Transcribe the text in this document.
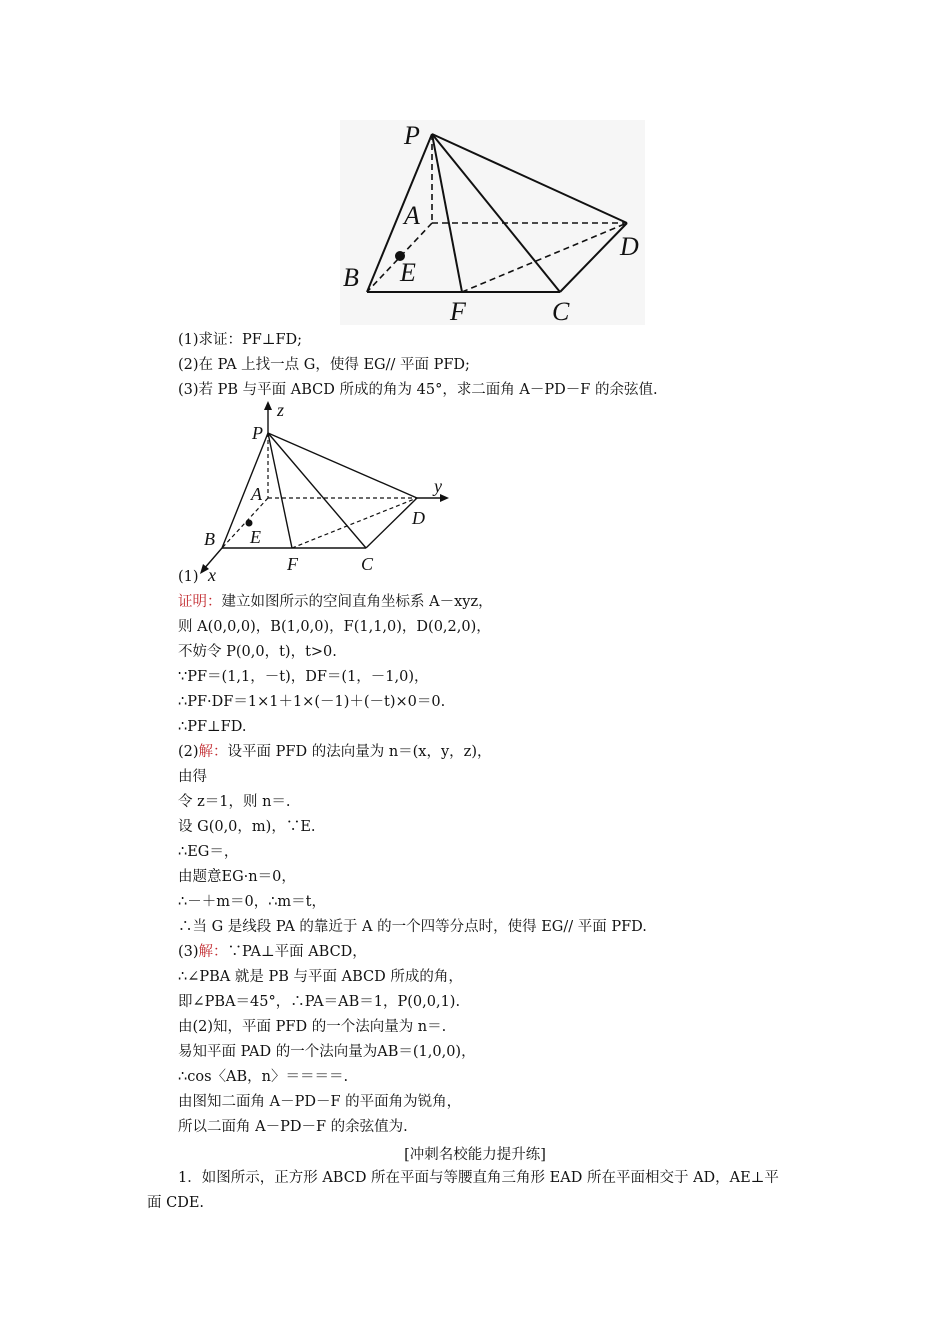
P
A
B E
F	C
D
(1)求证：PF⊥FD;
(2)在 PA 上找一点 G，使得 EG// 平面 PFD;
(3)若 PB 与平面 ABCD 所成的角为 45°，求二面角 A－PD－F 的余弦值.
z
P
y
A
D
E
B
F	C
x
(1)
证明：建立如图所示的空间直角坐标系 A－xyz，
则 A(0,0,0)，B(1,0,0)，F(1,1,0)，D(0,2,0)，
不妨令 P(0,0，t)，t>0.
∵PF＝(1,1，－t)，DF＝(1，－1,0)，
∴PF·DF＝1×1＋1×(－1)＋(－t)×0＝0.
∴PF⊥FD.
(2)解：设平面 PFD 的法向量为 n＝(x，y，z)，
由得
令 z＝1，则 n＝.
设 G(0,0，m)，∵E.
∴EG＝，
由题意EG·n＝0，
∴－＋m＝0，∴m＝t，
∴当 G 是线段 PA 的靠近于 A 的一个四等分点时，使得 EG// 平面 PFD.
(3)解：∵PA⊥平面 ABCD，
∴∠PBA 就是 PB 与平面 ABCD 所成的角，
即∠PBA＝45°，∴PA＝AB＝1，P(0,0,1).
由(2)知，平面 PFD 的一个法向量为 n＝.
易知平面 PAD 的一个法向量为AB＝(1,0,0)，
∴cos〈AB，n〉＝＝＝＝.
由图知二面角 A－PD－F 的平面角为锐角，
所以二面角 A－PD－F 的余弦值为.
[冲刺名校能力提升练]
1．如图所示，正方形 ABCD 所在平面与等腰直角三角形 EAD 所在平面相交于 AD，AE⊥平
面 CDE.
